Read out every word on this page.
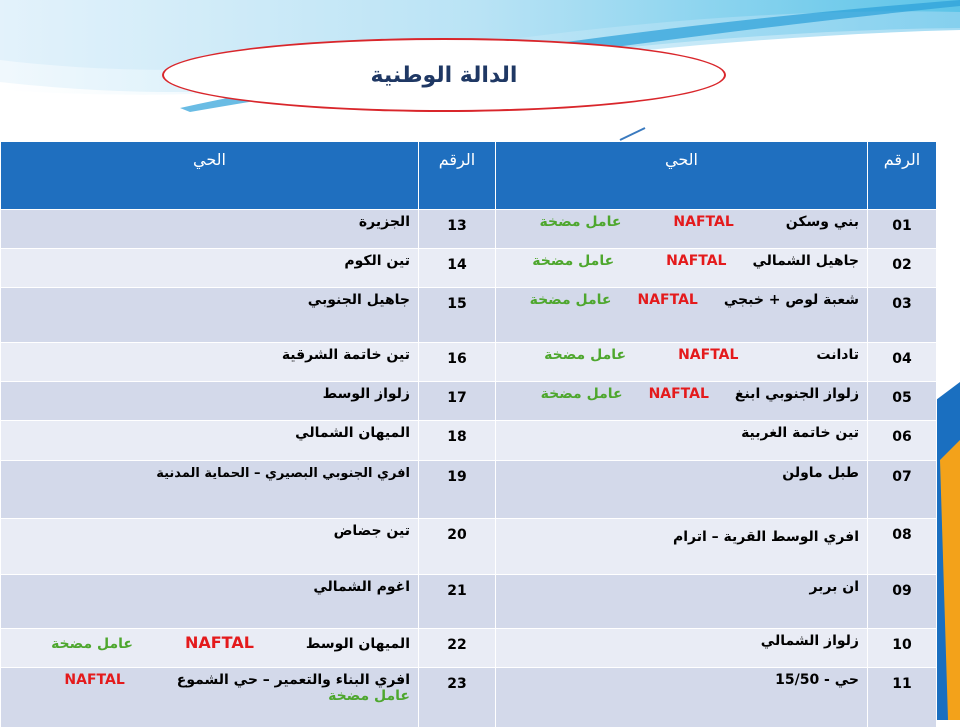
الدالة الوطنية
الحي	الرقم	الحي	الرقم
الجزيرة	13	بني وسكنNAFTALعامل مضخة	01
تين الكوم	14	جاهيل الشماليNAFTALعامل مضخة	02
جاهيل الجنوبي	15	شعبة لوص + خبجيNAFTALعامل مضخة	03
تين خاتمة الشرقية	16	تادانتNAFTALعامل مضخة	04
زلواز الوسط	17	زلواز الجنوبي ابنغNAFTALعامل مضخة	05
الميهان الشمالي	18	تين خاتمة الغربية	06
افري الجنوبي البصيري – الحماية المدنية	19	طبل ماولن	07
تين جضاض	20	افري الوسط القرية – اترام	08
اغوم الشمالي	21	ان بربر	09
الميهان الوسطNAFTALعامل مضخة	22	زلواز الشمالي	10
افري البناء والتعمير – حي الشموعNAFTALعامل مضخة	23	حي - 15/50	11
